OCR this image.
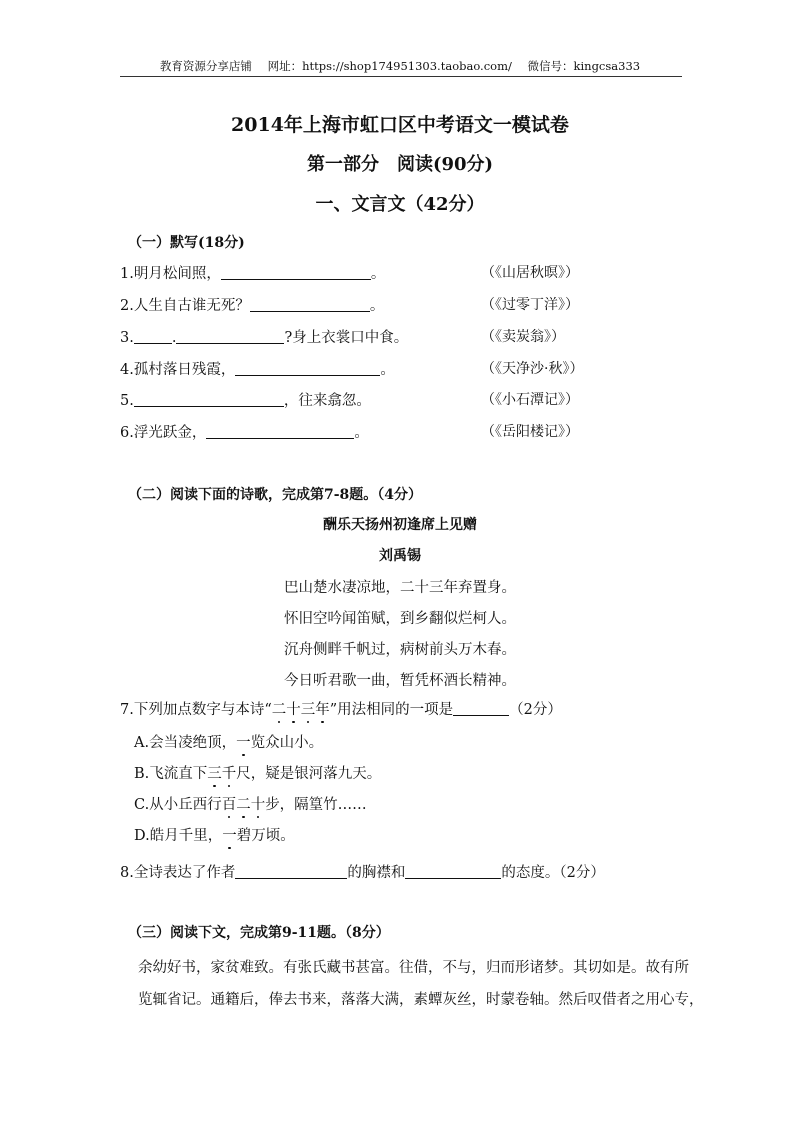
教育资源分享店铺 网址：https://shop174951303.taobao.com/ 微信号：kingcsa333
2014年上海市虹口区中考语文一模试卷
第一部分　阅读(90分)
一、文言文（42分）
（一）默写(18分)
1.明月松间照，	。	（《山居秋暝》）
2.人生自古谁无死？	。	（《过零丁洋》）
3.	.	?身上衣裳口中食。	（《卖炭翁》）
4.孤村落日残霞，	。	（《天净沙·秋》）
5.	，往来翕忽。	（《小石潭记》）
6.浮光跃金，	。	（《岳阳楼记》）
（二）阅读下面的诗歌，完成第7-8题。（4分）
酬乐天扬州初逢席上见赠
刘禹锡
巴山楚水凄凉地，二十三年弃置身。
怀旧空吟闻笛赋，到乡翻似烂柯人。
沉舟侧畔千帆过，病树前头万木春。
今日听君歌一曲，暂凭杯酒长精神。
7.下列加点数字与本诗“二十三年”用法相同的一项是	（2分）
A.会当凌绝顶，一览众山小。
B.飞流直下三千尺，疑是银河落九天。
C.从小丘西行百二十步，隔篁竹……
D.皓月千里，一碧万顷。
8.全诗表达了作者	的胸襟和	的态度。（2分）
（三）阅读下文，完成第9-11题。（8分）
余幼好书，家贫难致。有张氏藏书甚富。往借，不与，归而形诸梦。其切如是。故有所
览辄省记。通籍后，俸去书来，落落大满，素蟫灰丝，时蒙卷轴。然后叹借者之用心专，
